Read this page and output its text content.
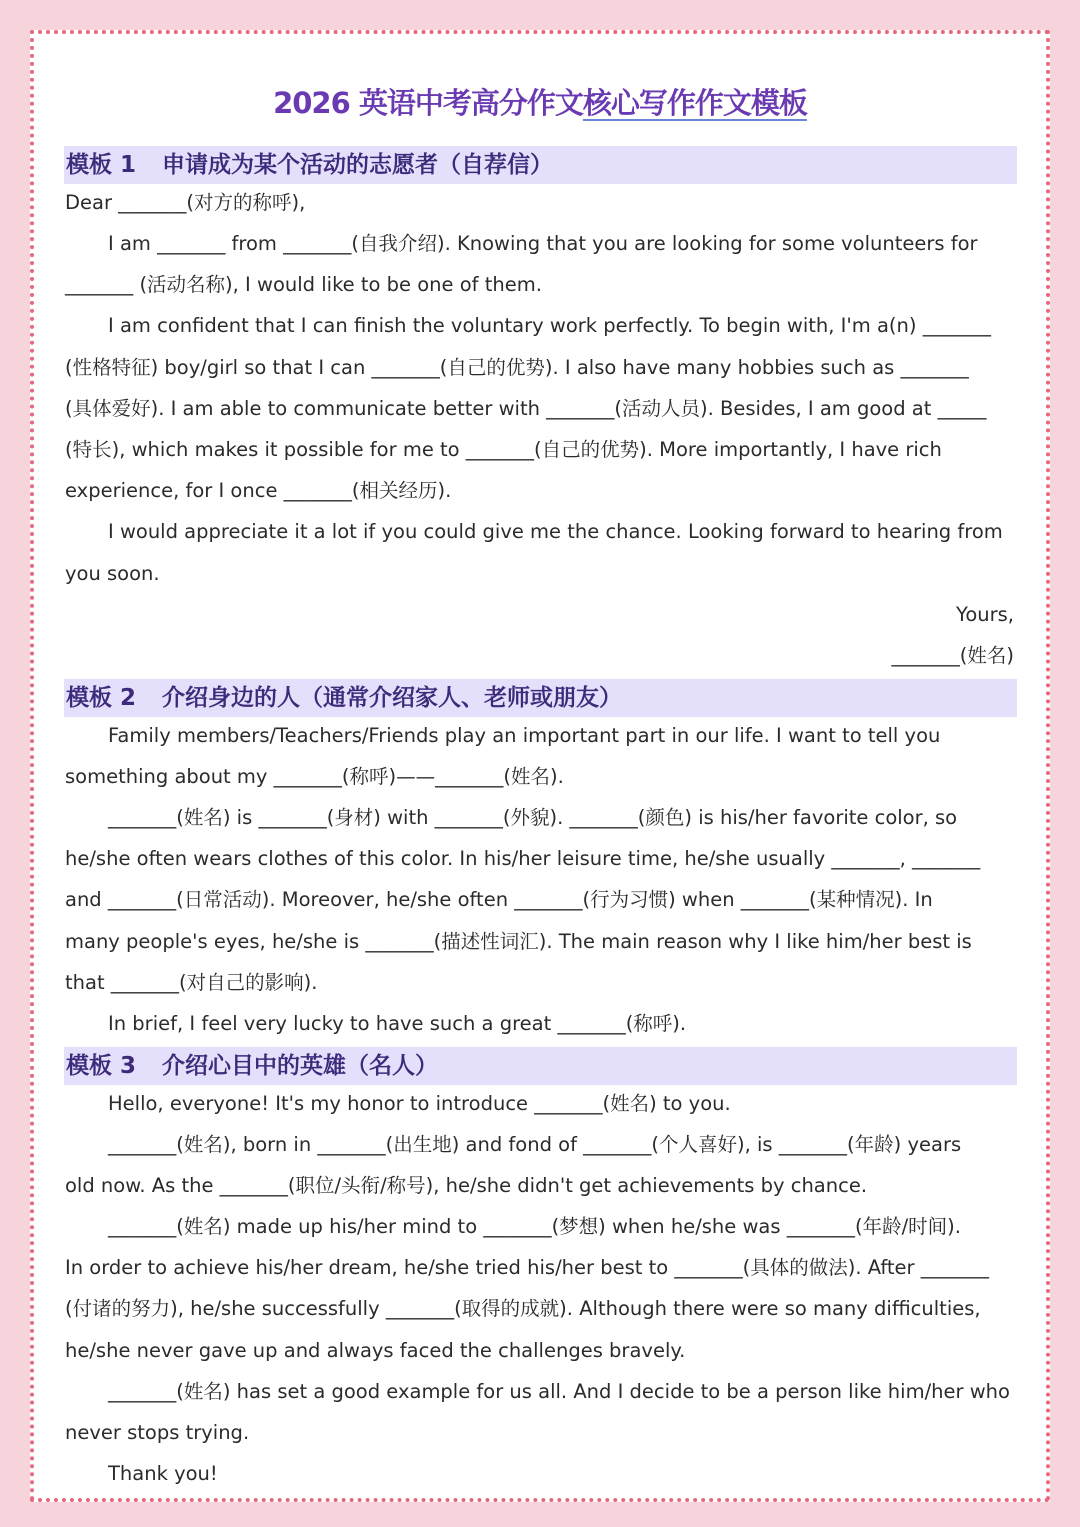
2026 英语中考高分作文核心写作作文模板
模板 1 申请成为某个活动的志愿者（自荐信）
Dear _______(对方的称呼),
I am _______ from _______(自我介绍). Knowing that you are looking for some volunteers for
_______ (活动名称), I would like to be one of them.
I am confident that I can finish the voluntary work perfectly. To begin with, I'm a(n) _______
(性格特征) boy/girl so that I can _______(自己的优势). I also have many hobbies such as _______
(具体爱好). I am able to communicate better with _______(活动人员). Besides, I am good at _____
(特长), which makes it possible for me to _______(自己的优势). More importantly, I have rich
experience, for I once _______(相关经历).
I would appreciate it a lot if you could give me the chance. Looking forward to hearing from
you soon.
Yours,
_______(姓名)
模板 2 介绍身边的人（通常介绍家人、老师或朋友）
Family members/Teachers/Friends play an important part in our life. I want to tell you
something about my _______(称呼)——_______(姓名).
_______(姓名) is _______(身材) with _______(外貌). _______(颜色) is his/her favorite color, so
he/she often wears clothes of this color. In his/her leisure time, he/she usually _______, _______
and _______(日常活动). Moreover, he/she often _______(行为习惯) when _______(某种情况). In
many people's eyes, he/she is _______(描述性词汇). The main reason why I like him/her best is
that _______(对自己的影响).
In brief, I feel very lucky to have such a great _______(称呼).
模板 3 介绍心目中的英雄（名人）
Hello, everyone! It's my honor to introduce _______(姓名) to you.
_______(姓名), born in _______(出生地) and fond of _______(个人喜好), is _______(年龄) years
old now. As the _______(职位/头衔/称号), he/she didn't get achievements by chance.
_______(姓名) made up his/her mind to _______(梦想) when he/she was _______(年龄/时间).
In order to achieve his/her dream, he/she tried his/her best to _______(具体的做法). After _______
(付诸的努力), he/she successfully _______(取得的成就). Although there were so many difficulties,
he/she never gave up and always faced the challenges bravely.
_______(姓名) has set a good example for us all. And I decide to be a person like him/her who
never stops trying.
Thank you!
